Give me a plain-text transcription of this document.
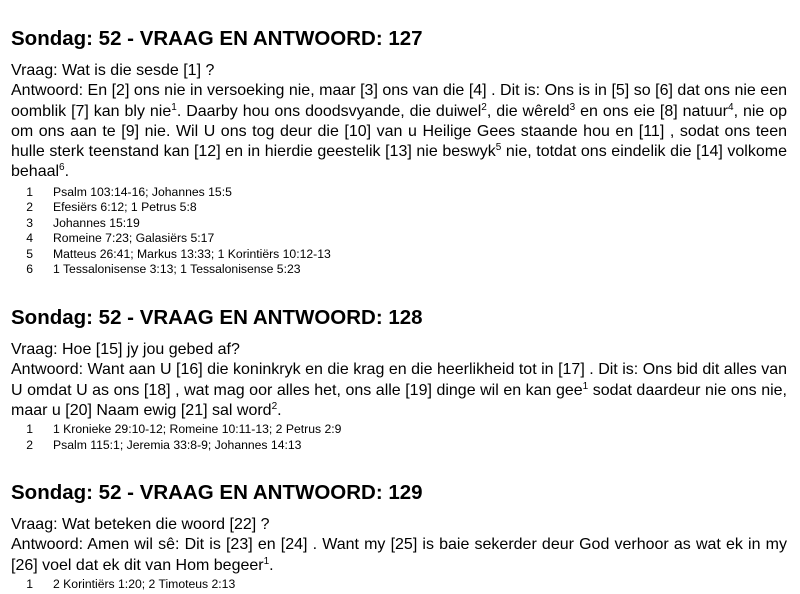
Sondag: 52 - VRAAG EN ANTWOORD: 127

Vraag: Wat is die sesde [1] ?

Antwoord: En [2] ons nie in versoeking nie, maar [3] ons van die [4] . Dit is: Ons is in [5] so [6] dat ons nie een oomblik [7] kan bly nie$^1$. Daarby hou ons doodsvyande, die duiwel$^2$, die wêreld$^3$ en ons eie [8] natuur$^4$, nie op om ons aan te [9] nie. Wil U ons tog deur die [10] van u Heilige Gees staande hou en [11] , sodat ons teen hulle sterk teenstand kan [12] en in hierdie geestelik [13] nie beswyk$^5$ nie, totdat ons eindelik die [14] volkome behaal$^6$.

1 Psalm 103:14-16; Johannes 15:5
2 Efesiërs 6:12; 1 Petrus 5:8
3 Johannes 15:19
4 Romeine 7:23; Galasiërs 5:17
5 Matteus 26:41; Markus 13:33; 1 Korintiërs 10:12-13
6 1 Tessalonisense 3:13; 1 Tessalonisense 5:23
Sondag: 52 - VRAAG EN ANTWOORD: 128

Vraag: Hoe [15] jy jou gebed af?

Antwoord: Want aan U [16] die koninkryk en die krag en die heerlikheid tot in [17] . Dit is: Ons bid dit alles van U omdat U as ons [18] , wat mag oor alles het, ons alle [19] dinge wil en kan gee$^1$ sodat daardeur nie ons nie, maar u [20] Naam ewig [21] sal word$^2$.

1 1 Kronieke 29:10-12; Romeine 10:11-13; 2 Petrus 2:9
2 Psalm 115:1; Jeremia 33:8-9; Johannes 14:13
Sondag: 52 - VRAAG EN ANTWOORD: 129

Vraag: Wat beteken die woord [22] ?

Antwoord: Amen wil sê: Dit is [23] en [24] . Want my [25] is baie sekerder deur God verhoor as wat ek in my [26] voel dat ek dit van Hom begeer$^1$.

1 2 Korintiërs 1:20; 2 Timoteus 2:13
